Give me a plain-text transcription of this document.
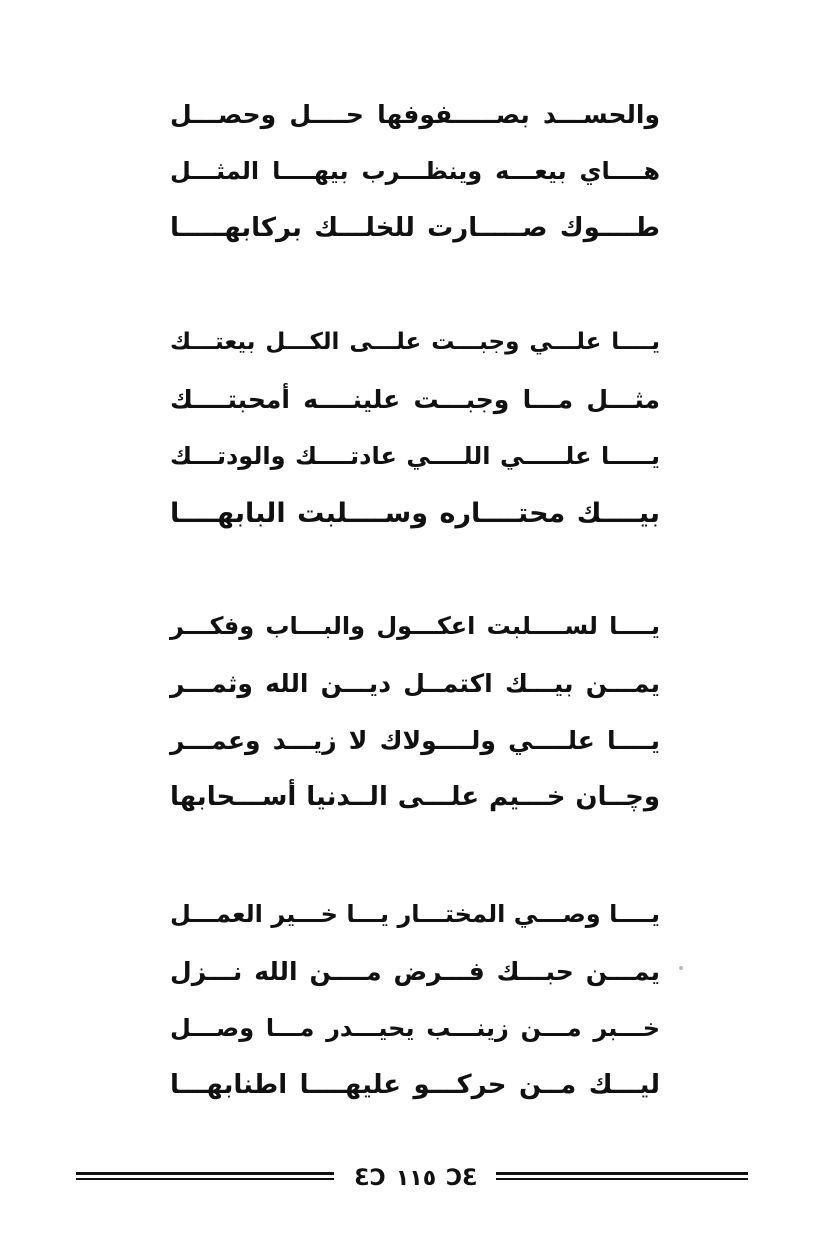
والحســـد بصـــــفوفها حــــل وحصـــل
هــــاي بيعـــه وينظـــرب بيهــــا المثـــل
طــــوك صـــــارت للخلـــك بركابهـــــا
يــــا علـــي وجبـــت علـــى الكـــل بيعتـــك
مثـــل مـــا وجبـــت علينــــه أمحبتــــك
يـــــا علـــــي اللــــي عادتــــك والودتـــك
بيــــك محتــــاره وســــلبت البابهــــا
يــــا لســــلبت اعكـــول والبـــاب وفكـــر
يمـــن بيـــك اكتمــل ديـــن الله وثمـــر
يــــا علــــي ولــــولاك لا زيـــد وعمـــر
وچــان خـــيم علـــى الــدنيا أســـحابها
يــــا وصـــي المختـــار يـــا خـــير العمـــل
يمـــن حبـــك فـــرض مــــن الله نـــزل
خـــبر مـــن زينـــب يحيـــدر مـــا وصـــل
ليـــك مــن حركـــو عليهــــا اطنابهـــا
ƐƆ ١١٥ ƆƐ
